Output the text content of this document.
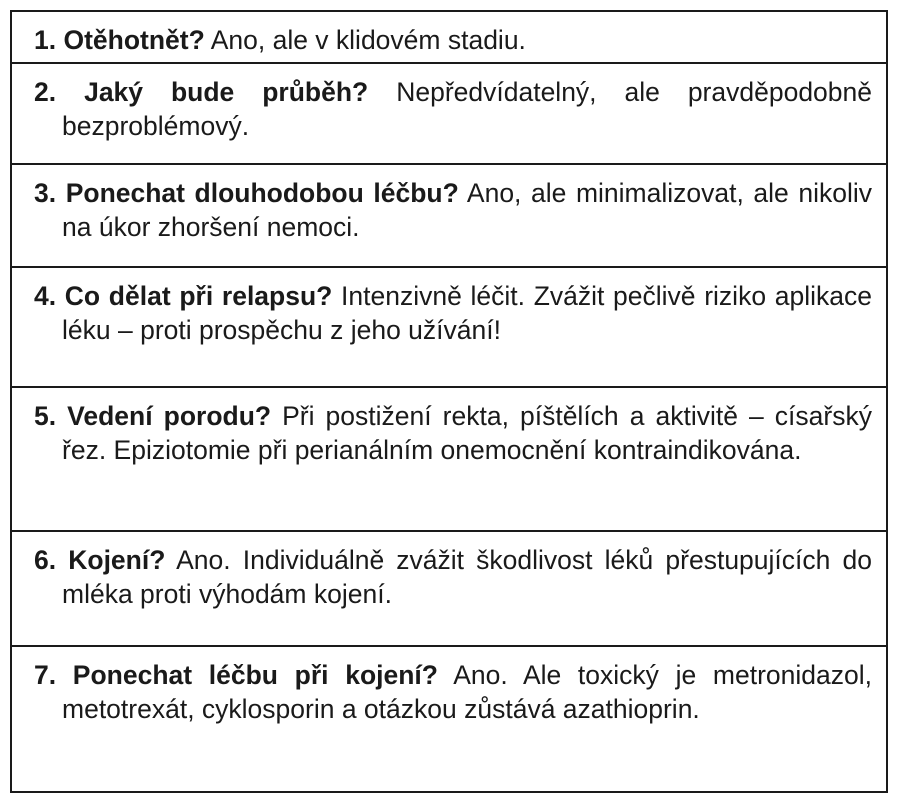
1. Otěhotnět? Ano, ale v klidovém stadiu.

2. Jaký bude průběh? Nepředvídatelný, ale pravděpodobně bezproblémový.

3. Ponechat dlouhodobou léčbu? Ano, ale minimalizovat, ale nikoliv na úkor zhoršení nemoci.

4. Co dělat při relapsu? Intenzivně léčit. Zvážit pečlivě riziko aplikace léku – proti prospěchu z jeho užívání!

5. Vedení porodu? Při postižení rekta, píštělích a aktivitě – císařský řez. Epiziotomie při perianálním onemocnění kontraindikována.

6. Kojení? Ano. Individuálně zvážit škodlivost léků přestupujících do mléka proti výhodám kojení.

7. Ponechat léčbu při kojení? Ano. Ale toxický je metronidazol, metotrexát, cyklosporin a otázkou zůstává azathioprin.
